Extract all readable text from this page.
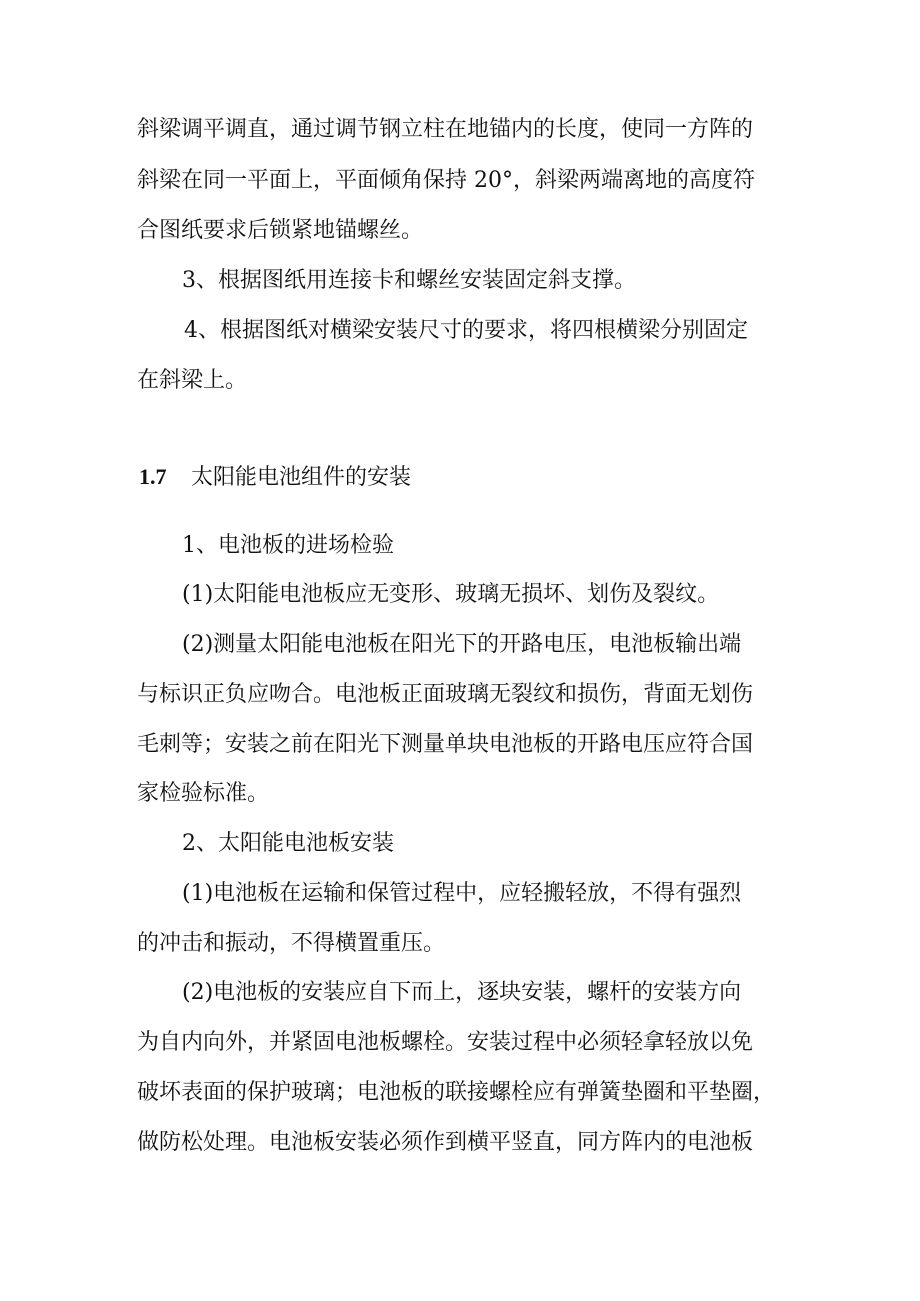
斜梁调平调直，通过调节钢立柱在地锚内的长度，使同一方阵的
斜梁在同一平面上，平面倾角保持 20°，斜梁两端离地的高度符
合图纸要求后锁紧地锚螺丝。
3、根据图纸用连接卡和螺丝安装固定斜支撑。
4、根据图纸对横梁安装尺寸的要求，将四根横梁分别固定
在斜梁上。
1.7 太阳能电池组件的安装
1、电池板的进场检验
(1)太阳能电池板应无变形、玻璃无损坏、划伤及裂纹。
(2)测量太阳能电池板在阳光下的开路电压，电池板输出端
与标识正负应吻合。电池板正面玻璃无裂纹和损伤，背面无划伤
毛刺等；安装之前在阳光下测量单块电池板的开路电压应符合国
家检验标准。
2、太阳能电池板安装
(1)电池板在运输和保管过程中，应轻搬轻放，不得有强烈
的冲击和振动，不得横置重压。
(2)电池板的安装应自下而上，逐块安装，螺杆的安装方向
为自内向外，并紧固电池板螺栓。安装过程中必须轻拿轻放以免
破坏表面的保护玻璃；电池板的联接螺栓应有弹簧垫圈和平垫圈，
做防松处理。电池板安装必须作到横平竖直，同方阵内的电池板
